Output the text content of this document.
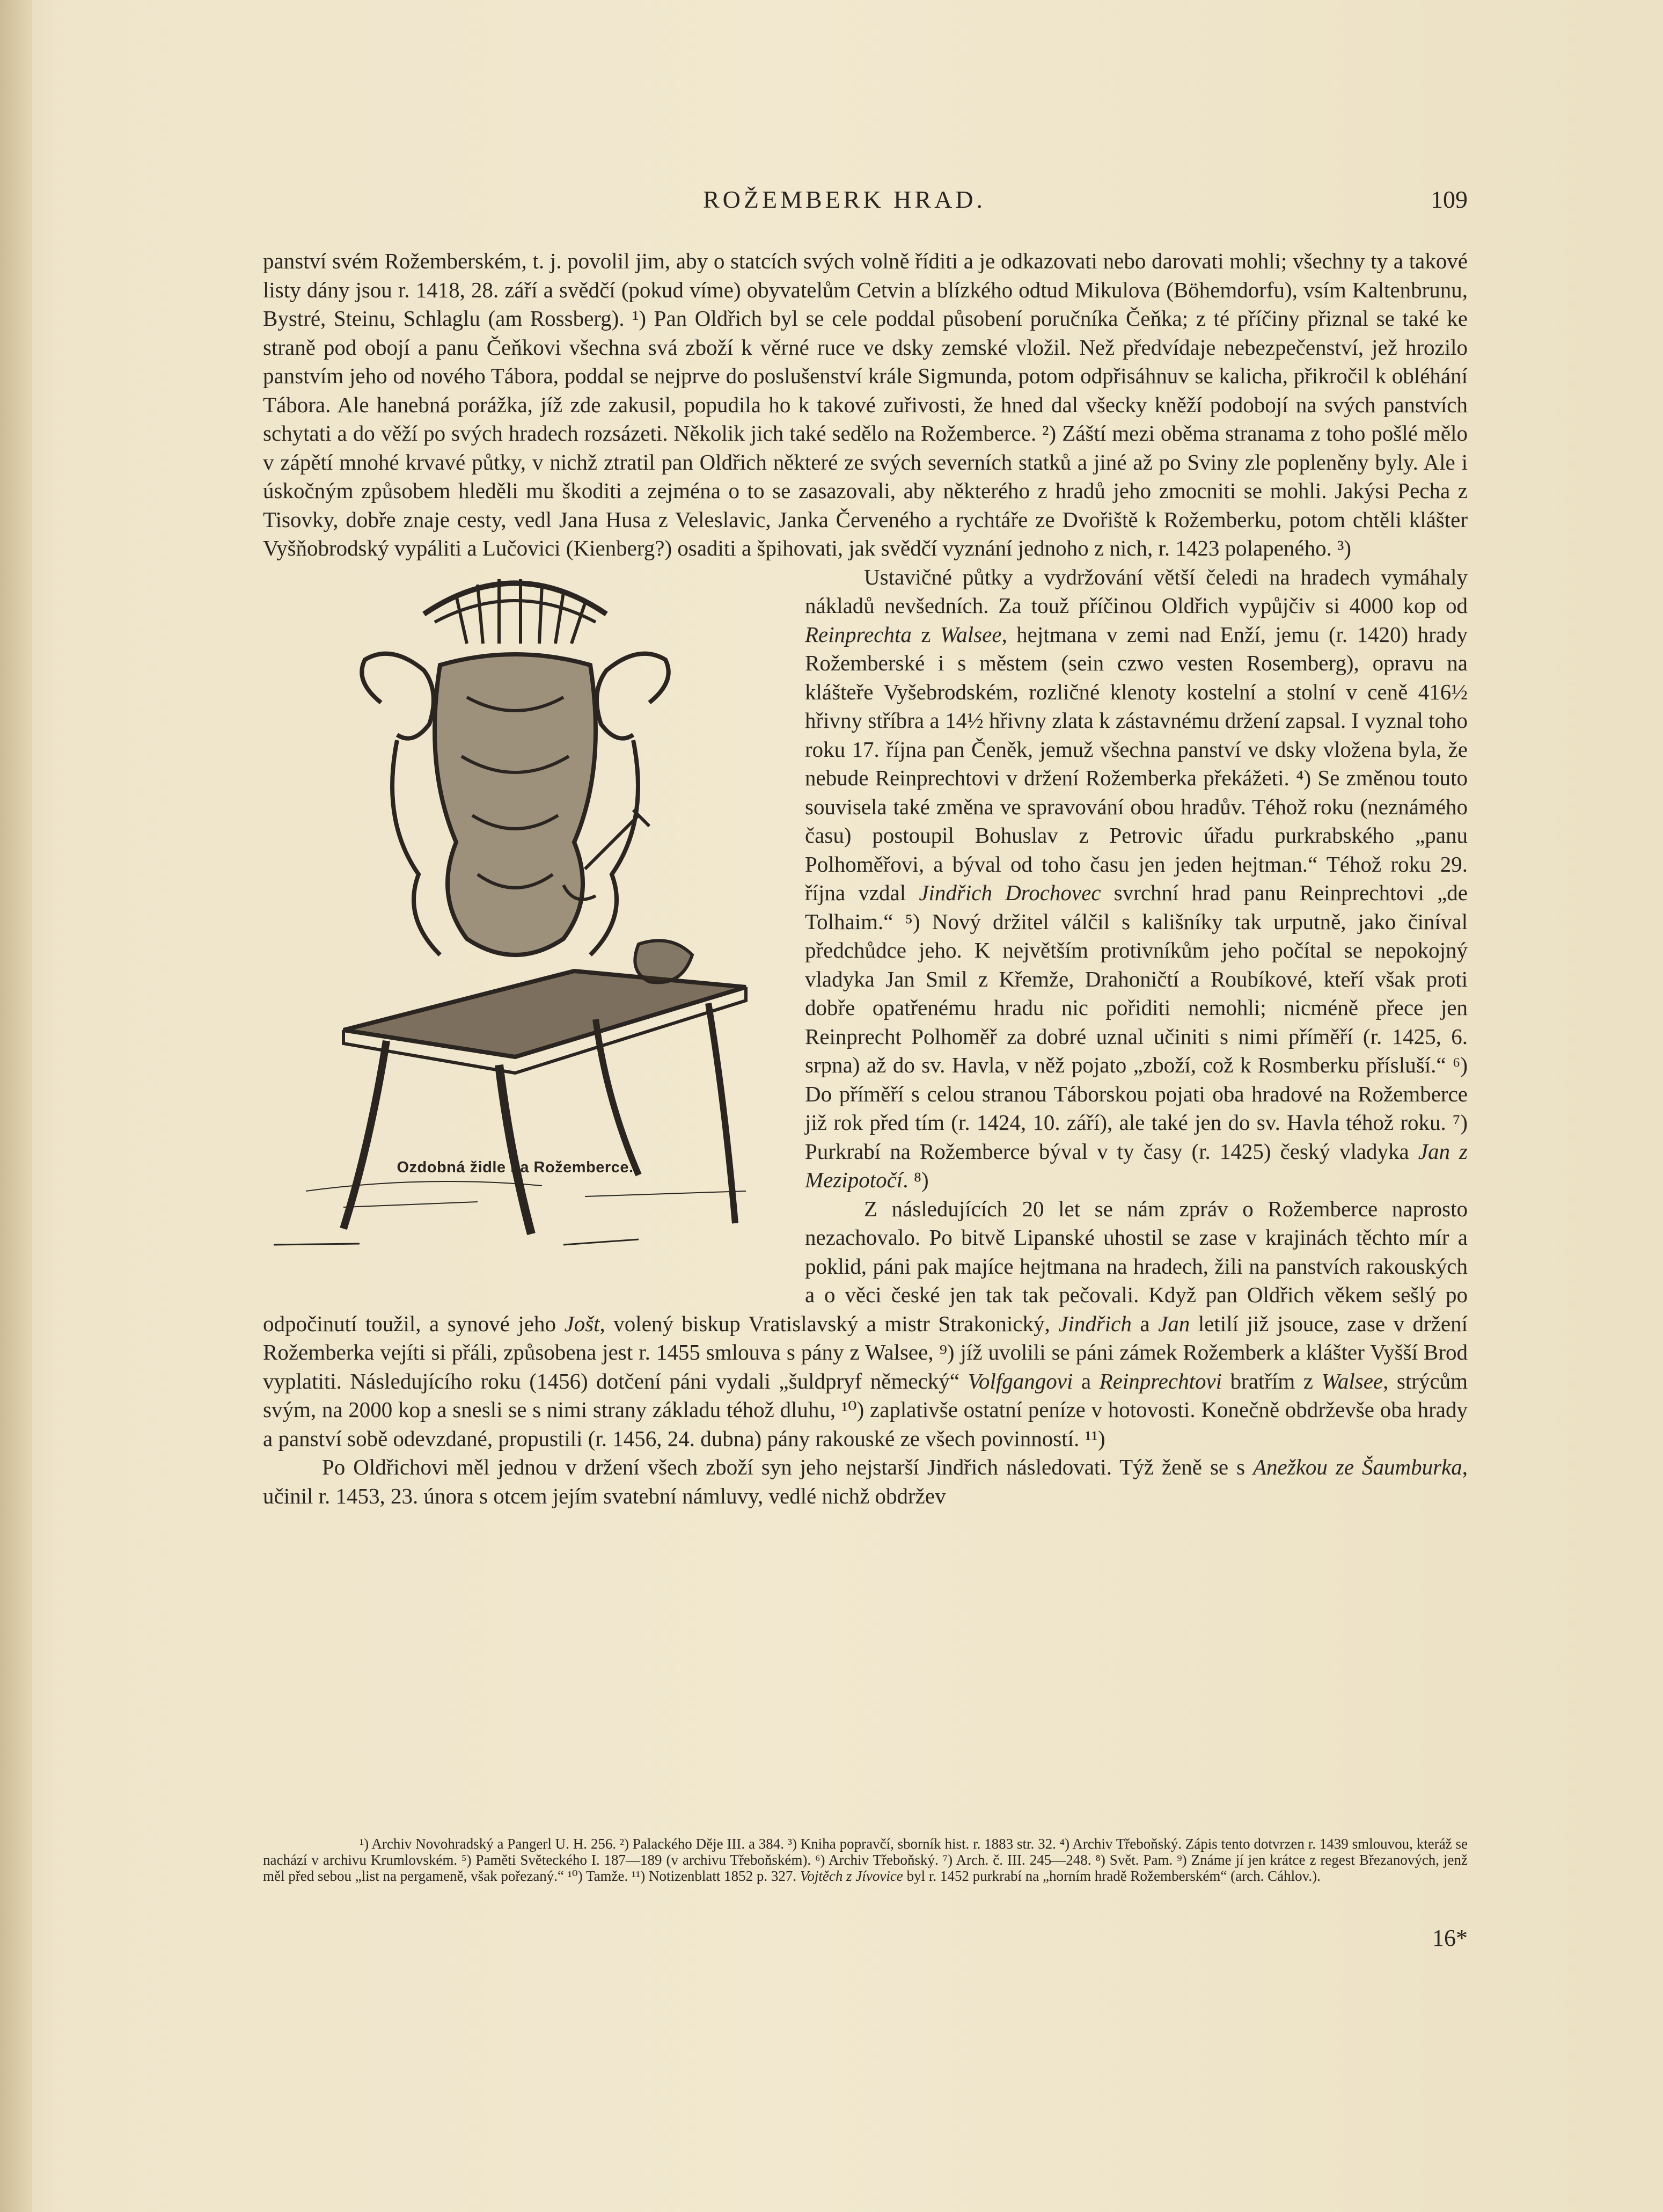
ROŽEMBERK HRAD.	109

panství svém Rožemberském, t. j. povolil jim, aby o statcích svých volně říditi a je odkazovati nebo darovati mohli; všechny ty a takové listy dány jsou r. 1418, 28. září a svědčí (pokud víme) obyvatelům Cetvin a blízkého odtud Mikulova (Böhemdorfu), vsím Kaltenbrunu, Bystré, Steinu, Schlaglu (am Rossberg). ¹) Pan Oldřich byl se cele poddal působení poručníka Čeňka; z té příčiny přiznal se také ke straně pod obojí a panu Čeňkovi všechna svá zboží k věrné ruce ve dsky zemské vložil. Než předvídaje nebezpečenství, jež hrozilo panstvím jeho od nového Tábora, poddal se nejprve do poslušenství krále Sigmunda, potom odpřisáhnuv se kalicha, přikročil k obléhání Tábora. Ale hanebná porážka, jíž zde zakusil, popudila ho k takové zuřivosti, že hned dal všecky kněží podobojí na svých panstvích schytati a do věží po svých hradech rozsázeti. Několik jich také sedělo na Rožemberce. ²) Záští mezi oběma stranama z toho pošlé mělo v zápětí mnohé krvavé půtky, v nichž ztratil pan Oldřich některé ze svých severních statků a jiné až po Sviny zle popleněny byly. Ale i úskočným způsobem hleděli mu škoditi a zejména o to se zasazovali, aby některého z hradů jeho zmocniti se mohli. Jakýsi Pecha z Tisovky, dobře znaje cesty, vedl Jana Husa z Veleslavic, Janka Červeného a rychtáře ze Dvořiště k Rožemberku, potom chtěli klášter Vyšňobrodský vypáliti a Lučovici (Kienberg?) osaditi a špihovati, jak svědčí vyznání jednoho z nich, r. 1423 polapeného. ³)

Ozdobná židle na Rožemberce.

Ustavičné půtky a vydržování větší čeledi na hradech vymáhaly nákladů nevšedních. Za touž příčinou Oldřich vypůjčiv si 4000 kop od Reinprechta z Walsee, hejtmana v zemi nad Enží, jemu (r. 1420) hrady Rožemberské i s městem (sein czwo vesten Rosemberg), opravu na klášteře Vyšebrodském, rozličné klenoty kostelní a stolní v ceně 416½ hřivny stříbra a 14½ hřivny zlata k zástavnému držení zapsal. I vyznal toho roku 17. října pan Čeněk, jemuž všechna panství ve dsky vložena byla, že nebude Reinprechtovi v držení Rožemberka překážeti. ⁴) Se změnou touto souvisela také změna ve spravování obou hradův. Téhož roku (neznámého času) postoupil Bohuslav z Petrovic úřadu purkrabského „panu Polhoměřovi, a býval od toho času jen jeden hejtman.“ Téhož roku 29. října vzdal Jindřich Drochovec svrchní hrad panu Reinprechtovi „de Tolhaim.“ ⁵) Nový držitel válčil s kališníky tak urputně, jako činíval předchůdce jeho. K největším protivníkům jeho počítal se nepokojný vladyka Jan Smil z Křemže, Drahoničtí a Roubíkové, kteří však proti dobře opatřenému hradu nic pořiditi nemohli; nicméně přece jen Reinprecht Polhoměř za dobré uznal učiniti s nimi příměří (r. 1425, 6. srpna) až do sv. Havla, v něž pojato „zboží, což k Rosmberku přísluší.“ ⁶) Do příměří s celou stranou Táborskou pojati oba hradové na Rožemberce již rok před tím (r. 1424, 10. září), ale také jen do sv. Havla téhož roku. ⁷) Purkrabí na Rožemberce býval v ty časy (r. 1425) český vladyka Jan z Mezipotočí. ⁸)

Z následujících 20 let se nám zpráv o Rožemberce naprosto nezachovalo. Po bitvě Lipanské uhostil se zase v krajinách těchto mír a poklid, páni pak majíce hejtmana na hradech, žili na panstvích rakouských a o věci české jen tak tak pečovali. Když pan Oldřich věkem sešlý po odpočinutí toužil, a synové jeho Jošt, volený biskup Vratislavský a mistr Strakonický, Jindřich a Jan letilí již jsouce, zase v držení Rožemberka vejíti si přáli, způsobena jest r. 1455 smlouva s pány z Walsee, ⁹) jíž uvolili se páni zámek Rožemberk a klášter Vyšší Brod vyplatiti. Následujícího roku (1456) dotčení páni vydali „šuldpryf německý“ Volfgangovi a Reinprechtovi bratřím z Walsee, strýcům svým, na 2000 kop a snesli se s nimi strany základu téhož dluhu, ¹⁰) zaplativše ostatní peníze v hotovosti. Konečně obdrževše oba hrady a panství sobě odevzdané, propustili (r. 1456, 24. dubna) pány rakouské ze všech povinností. ¹¹)

Po Oldřichovi měl jednou v držení všech zboží syn jeho nejstarší Jindřich následovati. Týž ženě se s Anežkou ze Šaumburka, učinil r. 1453, 23. února s otcem jejím svatební námluvy, vedlé nichž obdržev

¹) Archiv Novohradský a Pangerl U. H. 256. ²) Palackého Děje III. a 384. ³) Kniha popravčí, sborník hist. r. 1883 str. 32. ⁴) Archiv Třeboňský. Zápis tento dotvrzen r. 1439 smlouvou, kteráž se nachází v archivu Krumlovském. ⁵) Paměti Světeckého I. 187—189 (v archivu Třeboňském). ⁶) Archiv Třeboňský. ⁷) Arch. č. III. 245—248. ⁸) Svět. Pam. ⁹) Známe jí jen krátce z regest Březanových, jenž měl před sebou „list na pergameně, však pořezaný.“ ¹⁰) Tamže. ¹¹) Notizenblatt 1852 p. 327. Vojtěch z Jívovice byl r. 1452 purkrabí na „horním hradě Rožemberském“ (arch. Cáhlov.).

16*
